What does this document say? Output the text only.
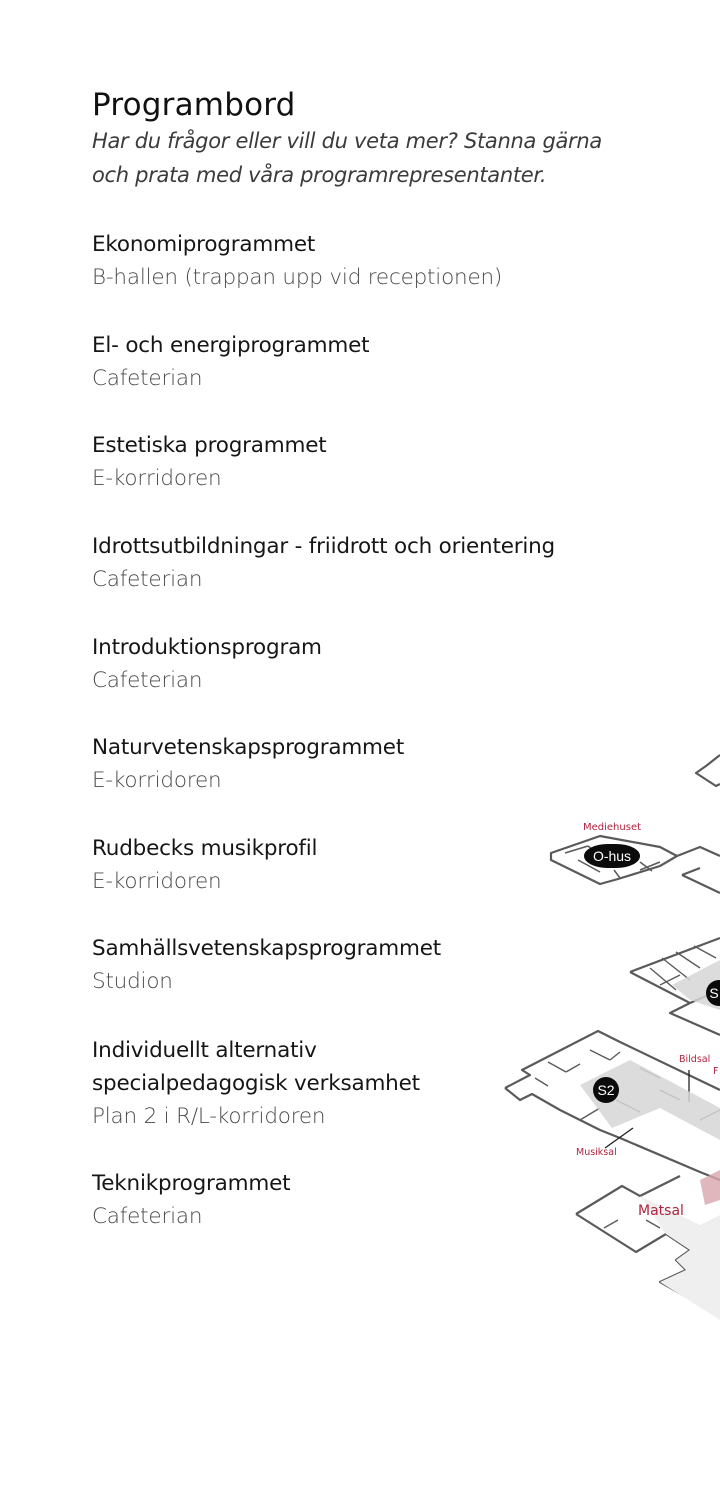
Programbord

Har du frågor eller vill du veta mer? Stanna gärna

och prata med våra programrepresentanter.

Ekonomiprogrammet
B-hallen (trappan upp vid receptionen)
El- och energiprogrammet
Cafeterian
Estetiska programmet
E-korridoren
Idrottsutbildningar - friidrott och orientering
Cafeterian
Introduktionsprogram
Cafeterian
Naturvetenskapsprogrammet
E-korridoren
Rudbecks musikprofil
E-korridoren
Samhällsvetenskapsprogrammet
Studion
Individuellt alternativ
specialpedagogisk verksamhet
Plan 2 i R/L-korridoren
Teknikprogrammet
Cafeterian
Mediehuset
Bildsal
F
Musiksal
Matsal
O-hus
S2
S
